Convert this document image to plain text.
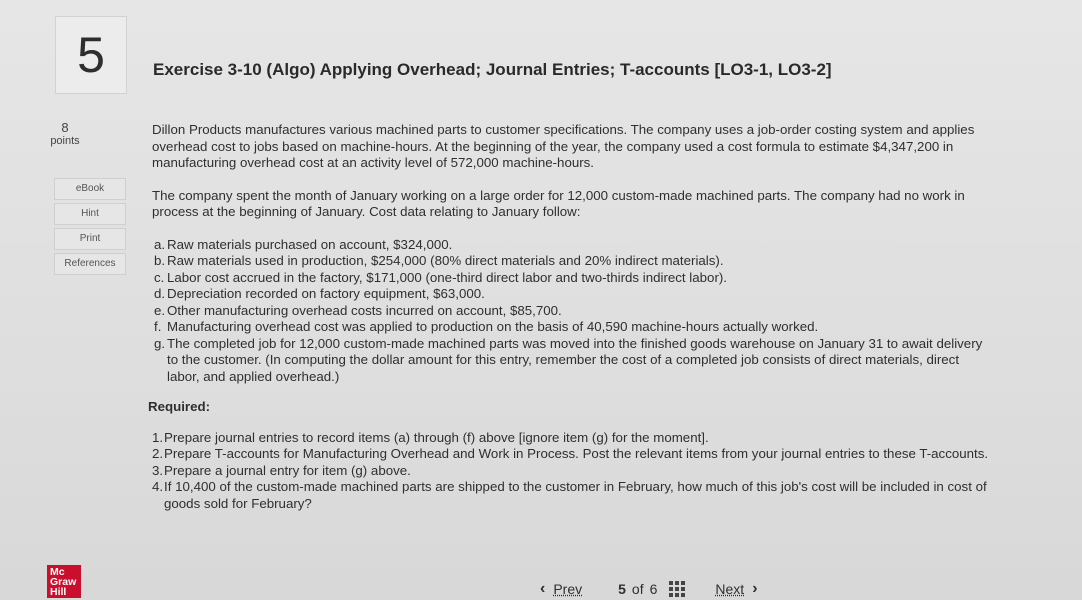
5	Exercise 3-10 (Algo) Applying Overhead; Journal Entries; T-accounts [LO3-1, LO3-2]
8
points
eBook
Hint
Print
References

Dillon Products manufactures various machined parts to customer specifications. The company uses a job-order costing system and applies overhead cost to jobs based on machine-hours. At the beginning of the year, the company used a cost formula to estimate $4,347,200 in manufacturing overhead cost at an activity level of 572,000 machine-hours.

The company spent the month of January working on a large order for 12,000 custom-made machined parts. The company had no work in process at the beginning of January. Cost data relating to January follow:

a. Raw materials purchased on account, $324,000.
b. Raw materials used in production, $254,000 (80% direct materials and 20% indirect materials).
c. Labor cost accrued in the factory, $171,000 (one-third direct labor and two-thirds indirect labor).
d. Depreciation recorded on factory equipment, $63,000.
e. Other manufacturing overhead costs incurred on account, $85,700.
f. Manufacturing overhead cost was applied to production on the basis of 40,590 machine-hours actually worked.
g. The completed job for 12,000 custom-made machined parts was moved into the finished goods warehouse on January 31 to await delivery to the customer. (In computing the dollar amount for this entry, remember the cost of a completed job consists of direct materials, direct labor, and applied overhead.)
Required:
1. Prepare journal entries to record items (a) through (f) above [ignore item (g) for the moment].
2. Prepare T-accounts for Manufacturing Overhead and Work in Process. Post the relevant items from your journal entries to these T-accounts.
3. Prepare a journal entry for item (g) above.
4. If 10,400 of the custom-made machined parts are shipped to the customer in February, how much of this job's cost will be included in cost of goods sold for February?
Mc
Graw
Hill	‹ Prev	5 of 6	Next ›
